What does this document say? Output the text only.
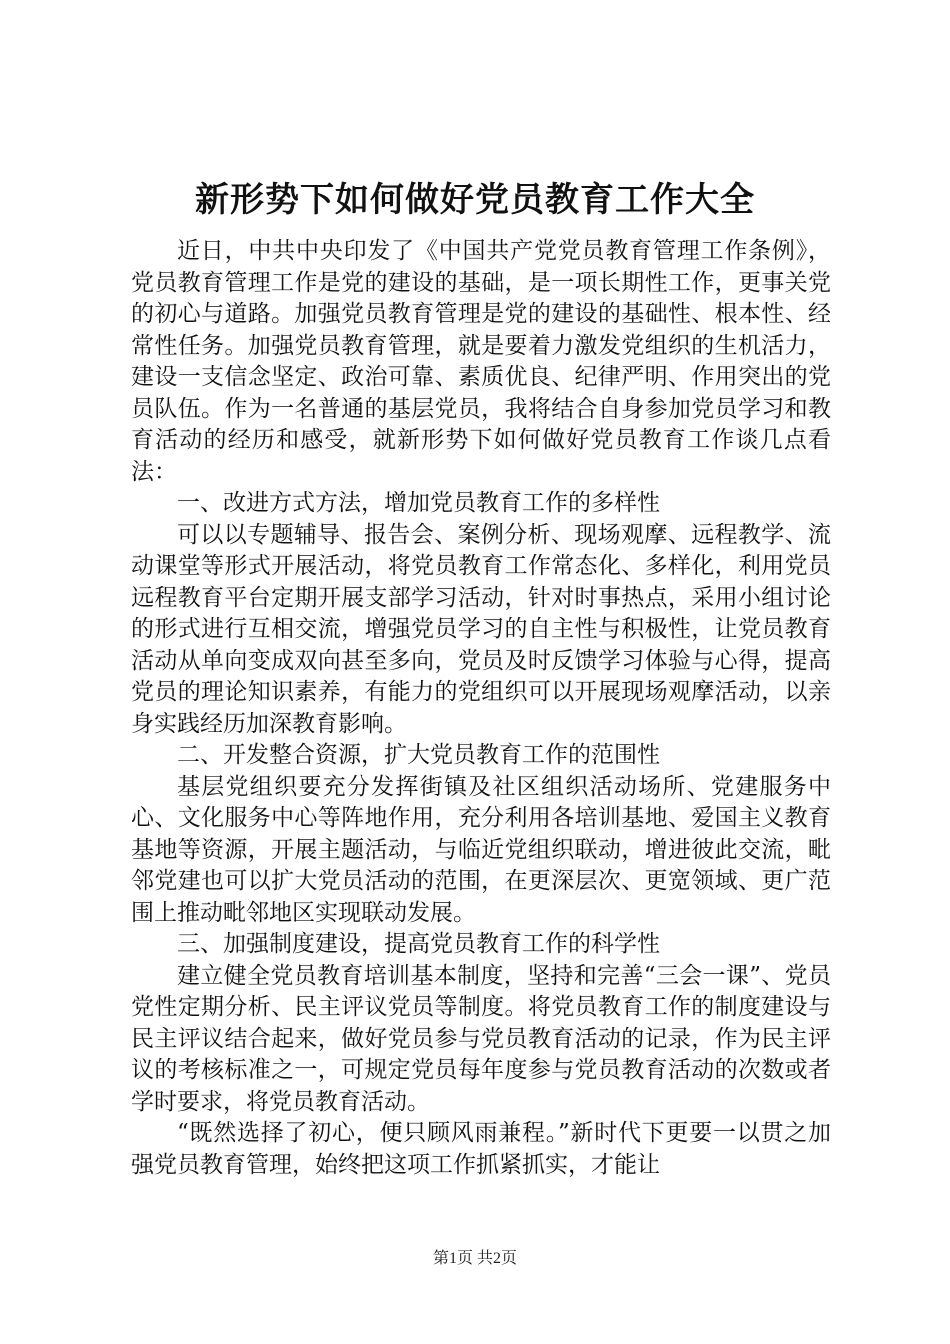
新形势下如何做好党员教育工作大全

近日，中共中央印发了《中国共产党党员教育管理工作条例》，党员教育管理工作是党的建设的基础，是一项长期性工作，更事关党的初心与道路。加强党员教育管理是党的建设的基础性、根本性、经常性任务。加强党员教育管理，就是要着力激发党组织的生机活力，建设一支信念坚定、政治可靠、素质优良、纪律严明、作用突出的党员队伍。作为一名普通的基层党员，我将结合自身参加党员学习和教育活动的经历和感受，就新形势下如何做好党员教育工作谈几点看法：

一、改进方式方法，增加党员教育工作的多样性

可以以专题辅导、报告会、案例分析、现场观摩、远程教学、流动课堂等形式开展活动，将党员教育工作常态化、多样化，利用党员远程教育平台定期开展支部学习活动，针对时事热点，采用小组讨论的形式进行互相交流，增强党员学习的自主性与积极性，让党员教育活动从单向变成双向甚至多向，党员及时反馈学习体验与心得，提高党员的理论知识素养，有能力的党组织可以开展现场观摩活动，以亲身实践经历加深教育影响。

二、开发整合资源，扩大党员教育工作的范围性

基层党组织要充分发挥街镇及社区组织活动场所、党建服务中心、文化服务中心等阵地作用，充分利用各培训基地、爱国主义教育基地等资源，开展主题活动，与临近党组织联动，增进彼此交流，毗邻党建也可以扩大党员活动的范围，在更深层次、更宽领域、更广范围上推动毗邻地区实现联动发展。

三、加强制度建设，提高党员教育工作的科学性

建立健全党员教育培训基本制度，坚持和完善“三会一课”、党员党性定期分析、民主评议党员等制度。将党员教育工作的制度建设与民主评议结合起来，做好党员参与党员教育活动的记录，作为民主评议的考核标准之一，可规定党员每年度参与党员教育活动的次数或者学时要求，将党员教育活动。

“既然选择了初心，便只顾风雨兼程。”新时代下更要一以贯之加强党员教育管理，始终把这项工作抓紧抓实，才能让

第1页 共2页
